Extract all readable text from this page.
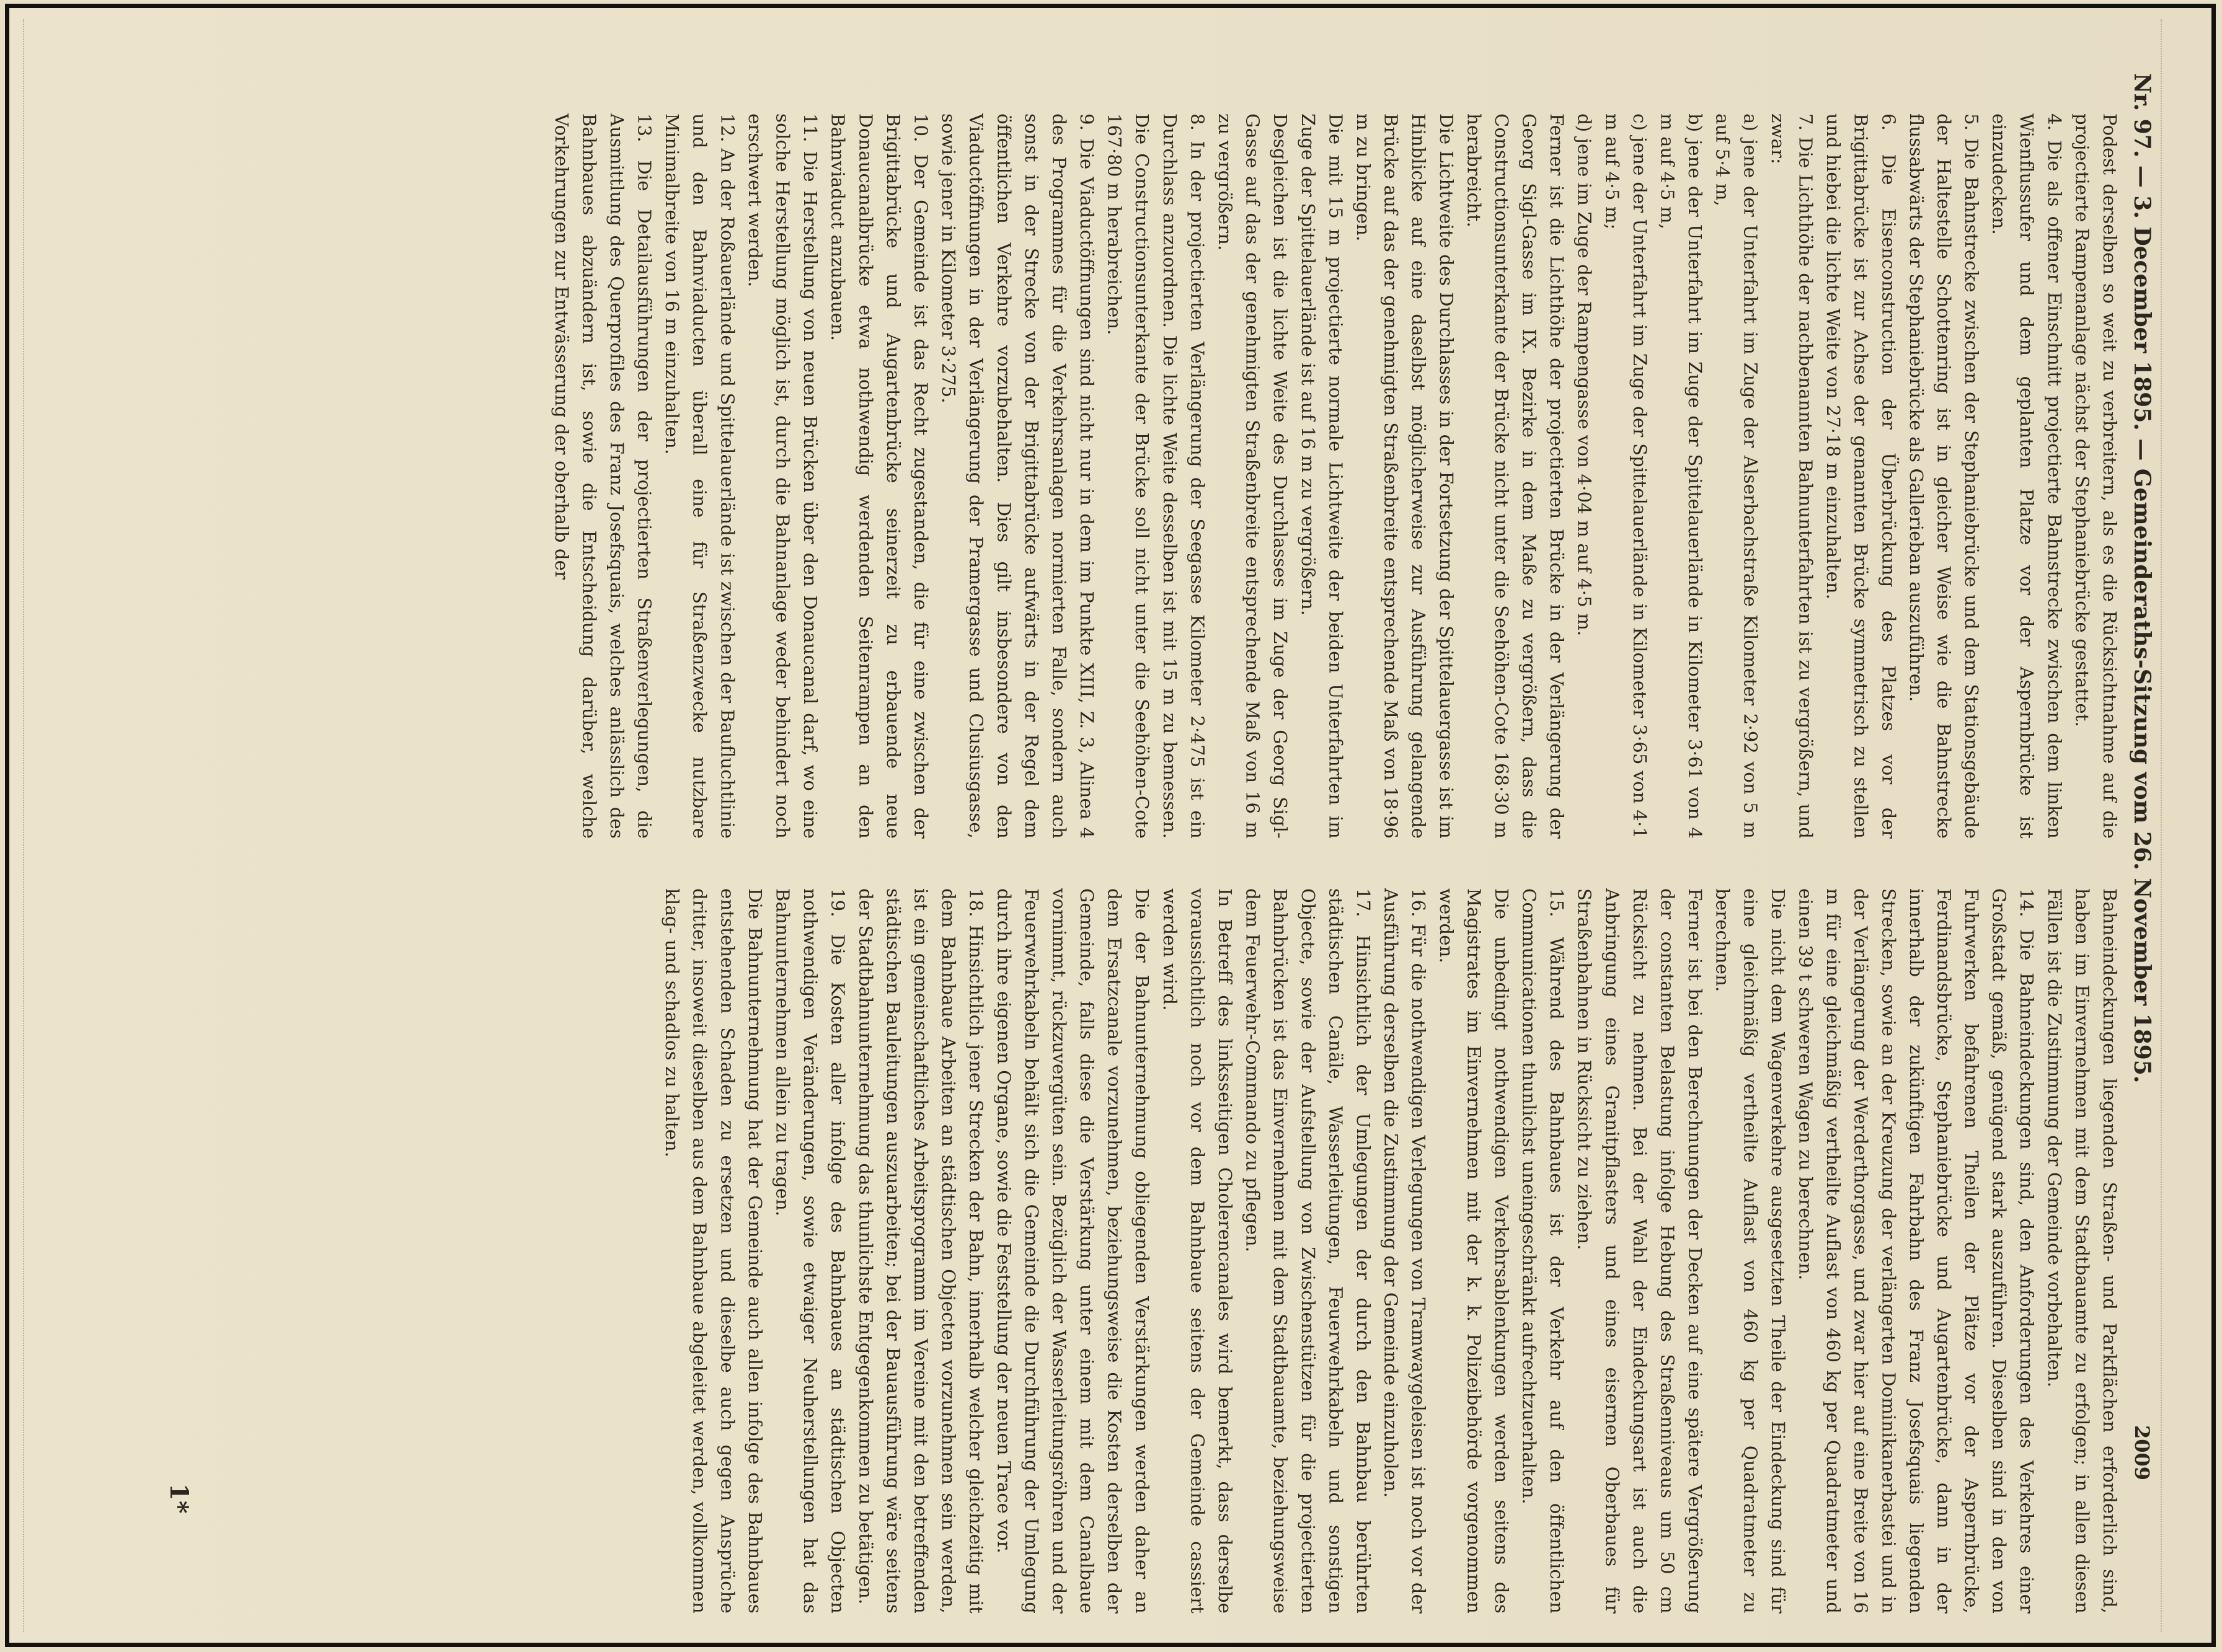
Nr. 97. — 3. December 1895. — Gemeinderaths-Sitzung vom 26. November 1895.
2009

Podest derselben so weit zu verbreitern, als es die Rücksichtnahme auf die projectierte Rampenanlage nächst der Stephaniebrücke gestattet.

4. Die als offener Einschnitt projectierte Bahnstrecke zwischen dem linken Wienflussufer und dem geplanten Platze vor der Aspernbrücke ist einzudecken.

5. Die Bahnstrecke zwischen der Stephaniebrücke und dem Stationsgebäude der Haltestelle Schottenring ist in gleicher Weise wie die Bahnstrecke flussabwärts der Stephaniebrücke als Gallerieban auszuführen.

6. Die Eisenconstruction der Überbrückung des Platzes vor der Brigittabrücke ist zur Achse der genannten Brücke symmetrisch zu stellen und hiebei die lichte Weite von 27·18 m einzuhalten.

7. Die Lichthöhe der nachbenannten Bahnunterfahrten ist zu vergrößern, und zwar:

a) jene der Unterfahrt im Zuge der Alserbachstraße Kilometer 2·92 von 5 m auf 5·4 m,

b) jene der Unterfahrt im Zuge der Spittelauerlände in Kilometer 3·61 von 4 m auf 4·5 m,

c) jene der Unterfahrt im Zuge der Spittelauerlände in Kilometer 3·65 von 4·1 m auf 4·5 m;

d) jene im Zuge der Rampengasse von 4·04 m auf 4·5 m.

Ferner ist die Lichthöhe der projectierten Brücke in der Verlängerung der Georg Sigl-Gasse im IX. Bezirke in dem Maße zu vergrößern, dass die Constructionsunterkante der Brücke nicht unter die Seehöhen-Cote 168·30 m herabreicht.

Die Lichtweite des Durchlasses in der Fortsetzung der Spittelauergasse ist im Hinblicke auf eine daselbst möglicherweise zur Ausführung gelangende Brücke auf das der genehmigten Straßenbreite entsprechende Maß von 18·96 m zu bringen.

Die mit 15 m projectierte normale Lichtweite der beiden Unterfahrten im Zuge der Spittelauerlände ist auf 16 m zu vergrößern.

Desgleichen ist die lichte Weite des Durchlasses im Zuge der Georg Sigl-Gasse auf das der genehmigten Straßenbreite entsprechende Maß von 16 m zu vergrößern.

8. In der projectierten Verlängerung der Seegasse Kilometer 2·475 ist ein Durchlass anzuordnen. Die lichte Weite desselben ist mit 15 m zu bemessen. Die Constructionsunterkante der Brücke soll nicht unter die Seehöhen-Cote 167·80 m herabreichen.

9. Die Viaductöffnungen sind nicht nur in dem im Punkte XIII, Z. 3, Alinea 4 des Programmes für die Verkehrsanlagen normierten Falle, sondern auch sonst in der Strecke von der Brigittabrücke aufwärts in der Regel dem öffentlichen Verkehre vorzubehalten. Dies gilt insbesondere von den Viaductöffnungen in der Verlängerung der Pramergasse und Clusiusgasse, sowie jener in Kilometer 3·275.

10. Der Gemeinde ist das Recht zugestanden, die für eine zwischen der Brigittabrücke und Augartenbrücke seinerzeit zu erbauende neue Donaucanalbrücke etwa nothwendig werdenden Seitenrampen an den Bahnviaduct anzubauen.

11. Die Herstellung von neuen Brücken über den Donaucanal darf, wo eine solche Herstellung möglich ist, durch die Bahnanlage weder behindert noch erschwert werden.

12. An der Roßauerlände und Spittelauerlände ist zwischen der Baufluchtlinie und den Bahnviaducten überall eine für Straßenzwecke nutzbare Minimalbreite von 16 m einzuhalten.

13. Die Detailausführungen der projectierten Straßenverlegungen, die Ausmittlung des Querprofiles des Franz Josefsquais, welches anlässlich des Bahnbaues abzuändern ist, sowie die Entscheidung darüber, welche Vorkehrungen zur Entwässerung der oberhalb der

Bahneindeckungen liegenden Straßen- und Parkflächen erforderlich sind, haben im Einvernehmen mit dem Stadtbauamte zu erfolgen; in allen diesen Fällen ist die Zustimmung der Gemeinde vorbehalten.

14. Die Bahneindeckungen sind, den Anforderungen des Verkehres einer Großstadt gemäß, genügend stark auszuführen. Dieselben sind in den von Fuhrwerken befahrenen Theilen der Plätze vor der Aspernbrücke, Ferdinandsbrücke, Stephaniebrücke und Augartenbrücke, dann in der innerhalb der zukünftigen Fahrbahn des Franz Josefsquais liegenden Strecken, sowie an der Kreuzung der verlängerten Dominikanerbastei und in der Verlängerung der Werderthorgasse, und zwar hier auf eine Breite von 16 m für eine gleichmäßig vertheilte Auflast von 460 kg per Quadratmeter und einen 39 t schweren Wagen zu berechnen.

Die nicht dem Wagenverkehre ausgesetzten Theile der Eindeckung sind für eine gleichmäßig vertheilte Auflast von 460 kg per Quadratmeter zu berechnen.

Ferner ist bei den Berechnungen der Decken auf eine spätere Vergrößerung der constanten Belastung infolge Hebung des Straßenniveaus um 50 cm Rücksicht zu nehmen. Bei der Wahl der Eindeckungsart ist auch die Anbringung eines Granitpflasters und eines eisernen Oberbaues für Straßenbahnen in Rücksicht zu ziehen.

15. Während des Bahnbaues ist der Verkehr auf den öffentlichen Communicationen thunlichst uneingeschränkt aufrechtzuerhalten.

Die unbedingt nothwendigen Verkehrsablenkungen werden seitens des Magistrates im Einvernehmen mit der k. k. Polizeibehörde vorgenommen werden.

16. Für die nothwendigen Verlegungen von Tramwaygeleisen ist noch vor der Ausführung derselben die Zustimmung der Gemeinde einzuholen.

17. Hinsichtlich der Umlegungen der durch den Bahnbau berührten städtischen Canäle, Wasserleitungen, Feuerwehrkabeln und sonstigen Objecte, sowie der Aufstellung von Zwischenstützen für die projectierten Bahnbrücken ist das Einvernehmen mit dem Stadtbauamte, beziehungsweise dem Feuerwehr-Commando zu pflegen.

In Betreff des linksseitigen Cholerencanales wird bemerkt, dass derselbe voraussichtlich noch vor dem Bahnbaue seitens der Gemeinde cassiert werden wird.

Die der Bahnunternehmung obliegenden Verstärkungen werden daher an dem Ersatzcanale vorzunehmen, beziehungsweise die Kosten derselben der Gemeinde, falls diese die Verstärkung unter einem mit dem Canalbaue vornimmt, rückzuvergüten sein. Bezüglich der Wasserleitungsröhren und der Feuerwehrkabeln behält sich die Gemeinde die Durchführung der Umlegung durch ihre eigenen Organe, sowie die Feststellung der neuen Trace vor.

18. Hinsichtlich jener Strecken der Bahn, innerhalb welcher gleichzeitig mit dem Bahnbaue Arbeiten an städtischen Objecten vorzunehmen sein werden, ist ein gemeinschaftliches Arbeitsprogramm im Vereine mit den betreffenden städtischen Bauleitungen auszuarbeiten; bei der Bauausführung wäre seitens der Stadtbahnunternehmung das thunlichste Entgegenkommen zu betätigen.

19. Die Kosten aller infolge des Bahnbaues an städtischen Objecten nothwendigen Veränderungen, sowie etwaiger Neuherstellungen hat das Bahnunternehmen allein zu tragen.

Die Bahnunternehmung hat der Gemeinde auch allen infolge des Bahnbaues entstehenden Schaden zu ersetzen und dieselbe auch gegen Ansprüche dritter, insoweit dieselben aus dem Bahnbaue abgeleitet werden, vollkommen klag- und schadlos zu halten.

1*
